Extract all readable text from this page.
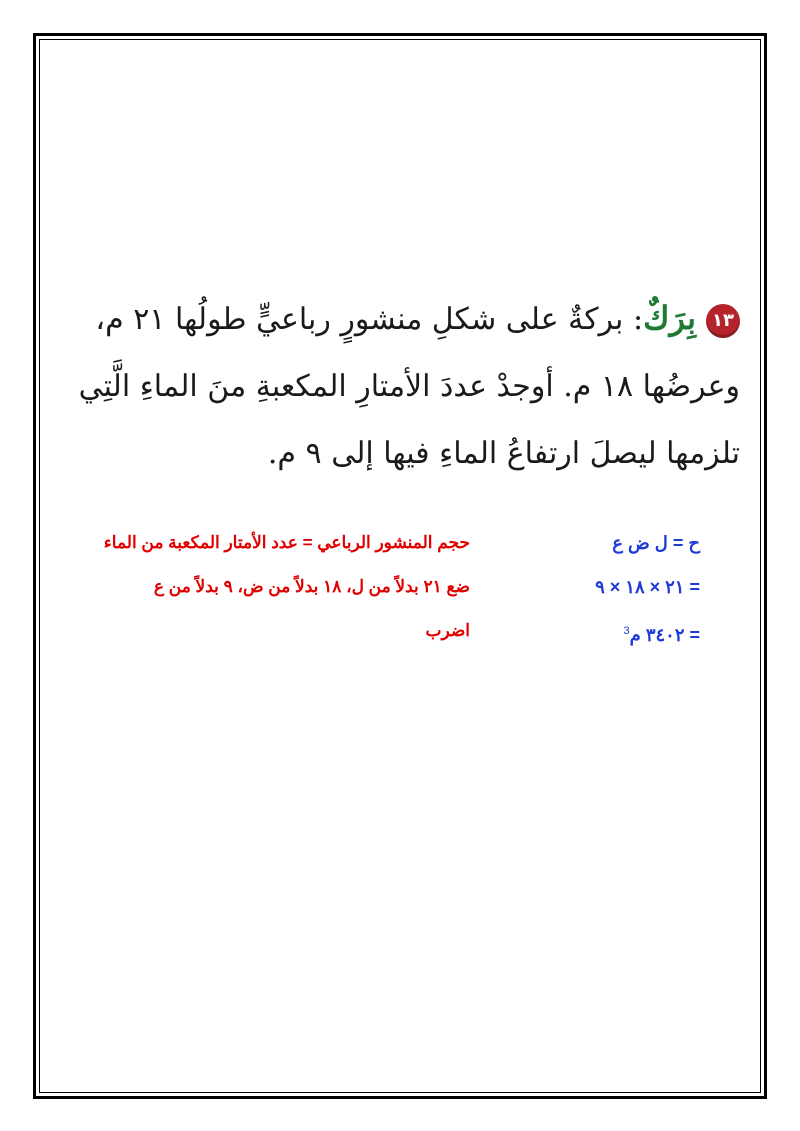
١٣بِرَكٌ: بركةٌ على شكلِ منشورٍ رباعيٍّ طولُها ٢١ م،
وعرضُها ١٨ م. أوجدْ عددَ الأمتارِ المكعبةِ منَ الماءِ الَّتِي
تلزمها ليصلَ ارتفاعُ الماءِ فيها إلى ٩ م.
ح = ل ض ع
= ٢١ × ١٨ × ٩
= ٣٤٠٢ م$^3$
حجم المنشور الرباعي = عدد الأمتار المكعبة من الماء
ضع ٢١ بدلاً من ل، ١٨ بدلاً من ض، ٩ بدلاً من ع
اضرب
